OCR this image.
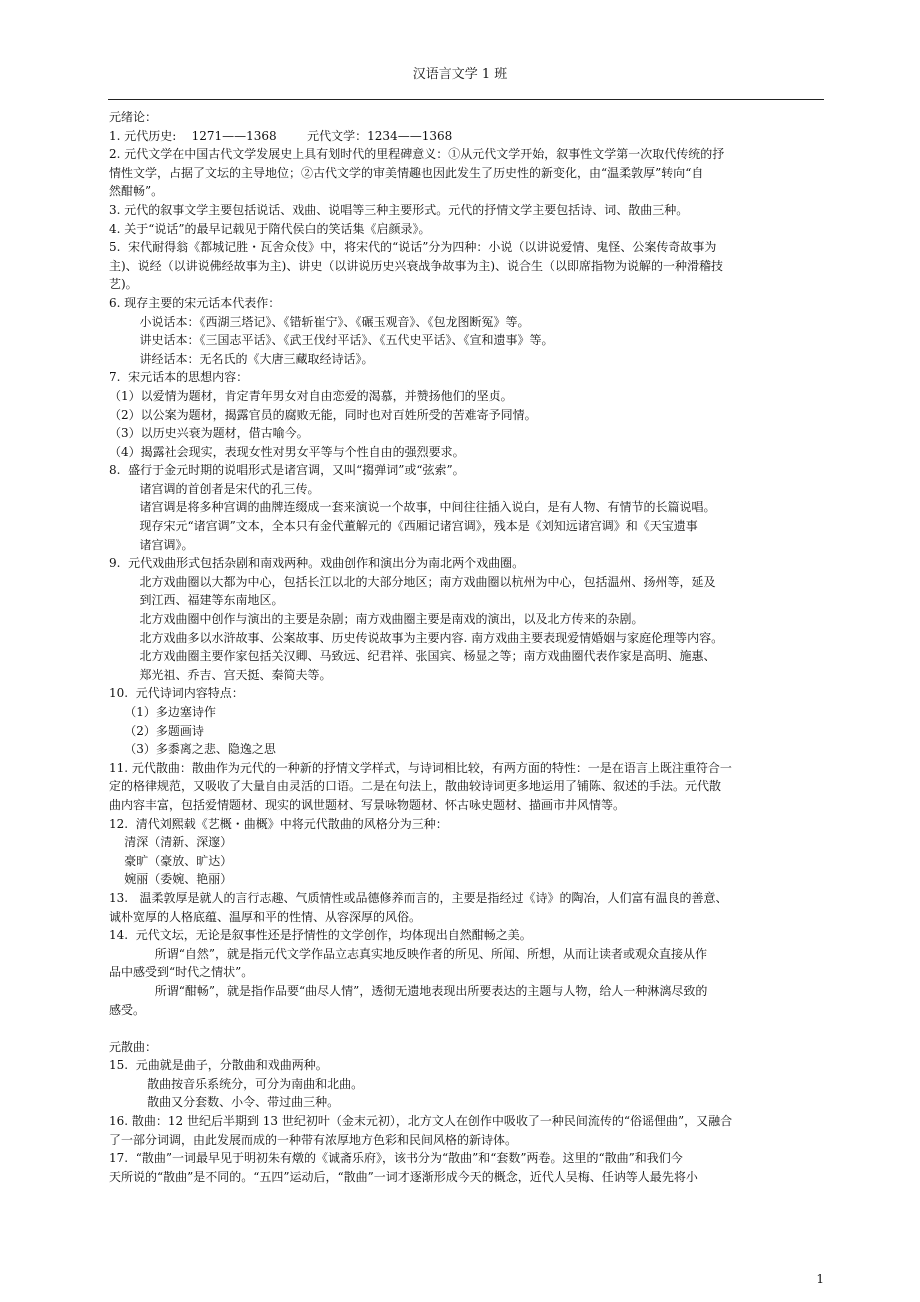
汉语言文学 1 班
元绪论：
1. 元代历史:    1271——1368        元代文学：1234——1368
2. 元代文学在中国古代文学发展史上具有划时代的里程碑意义：①从元代文学开始，叙事性文学第一次取代传统的抒
情性文学，占据了文坛的主导地位；②古代文学的审美情趣也因此发生了历史性的新变化，由“温柔敦厚”转向“自
然酣畅”。
3. 元代的叙事文学主要包括说话、戏曲、说唱等三种主要形式。元代的抒情文学主要包括诗、词、散曲三种。
4. 关于“说话”的最早记载见于隋代侯白的笑话集《启颜录》。
5.  宋代耐得翁《都城记胜・瓦舍众伎》中，将宋代的“说话”分为四种：小说（以讲说爱情、鬼怪、公案传奇故事为
主)、说经（以讲说佛经故事为主)、讲史（以讲说历史兴衰战争故事为主)、说合生（以即席指物为说解的一种滑稽技
艺)。
6. 现存主要的宋元话本代表作：
小说话本：《西湖三塔记》、《错斩崔宁》、《碾玉观音》、《包龙图断冤》等。
讲史话本：《三国志平话》、《武王伐纣平话》、《五代史平话》、《宣和遗事》等。
讲经话本：无名氏的《大唐三藏取经诗话》。
7.  宋元话本的思想内容：
（1）以爱情为题材，肯定青年男女对自由恋爱的渴慕，并赞扬他们的坚贞。
（2）以公案为题材，揭露官员的腐败无能，同时也对百姓所受的苦难寄予同情。
（3）以历史兴衰为题材，借古喻今。
（4）揭露社会现实，表现女性对男女平等与个性自由的强烈要求。
8.  盛行于金元时期的说唱形式是诸宫调，又叫“搊弹词”或“弦索”。
诸宫调的首创者是宋代的孔三传。
诸宫调是将多种宫调的曲牌连缀成一套来演说一个故事，中间往往插入说白，是有人物、有情节的长篇说唱。
现存宋元“诸宫调”文本，全本只有金代董解元的《西厢记诸宫调》，残本是《刘知远诸宫调》和《天宝遗事
诸宫调》。
9.  元代戏曲形式包括杂剧和南戏两种。戏曲创作和演出分为南北两个戏曲圈。
北方戏曲圈以大都为中心，包括长江以北的大部分地区；南方戏曲圈以杭州为中心，包括温州、扬州等，延及
到江西、福建等东南地区。
北方戏曲圈中创作与演出的主要是杂剧；南方戏曲圈主要是南戏的演出，以及北方传来的杂剧。
北方戏曲多以水浒故事、公案故事、历史传说故事为主要内容. 南方戏曲主要表现爱情婚姻与家庭伦理等内容。
北方戏曲圈主要作家包括关汉卿、马致远、纪君祥、张国宾、杨显之等；南方戏曲圈代表作家是高明、施惠、
郑光祖、乔吉、宫天挺、秦简夫等。
10.  元代诗词内容特点：
（1）多边塞诗作
（2）多题画诗
（3）多黍离之悲、隐逸之思
11. 元代散曲：散曲作为元代的一种新的抒情文学样式，与诗词相比较，有两方面的特性：一是在语言上既注重符合一
定的格律规范，又吸收了大量自由灵活的口语。二是在句法上，散曲较诗词更多地运用了铺陈、叙述的手法。元代散
曲内容丰富，包括爱情题材、现实的讽世题材、写景咏物题材、怀古咏史题材、描画市井风情等。
12.  清代刘熙载《艺概・曲概》中将元代散曲的风格分为三种：
清深（清新、深邃）
豪旷（豪放、旷达）
婉丽（委婉、艳丽）
13.   温柔敦厚是就人的言行志趣、气质情性或品德修养而言的，主要是指经过《诗》的陶冶，人们富有温良的善意、
诚朴宽厚的人格底蕴、温厚和平的性情、从容深厚的风俗。
14.  元代文坛，无论是叙事性还是抒情性的文学创作，均体现出自然酣畅之美。
所谓“自然”，就是指元代文学作品立志真实地反映作者的所见、所闻、所想，从而让读者或观众直接从作
品中感受到“时代之情状”。
所谓“酣畅”，就是指作品要“曲尽人情”，透彻无遗地表现出所要表达的主题与人物，给人一种淋漓尽致的
感受。
元散曲：
15.  元曲就是曲子，分散曲和戏曲两种。
散曲按音乐系统分，可分为南曲和北曲。
散曲又分套数、小令、带过曲三种。
16. 散曲：12 世纪后半期到 13 世纪初叶（金末元初），北方文人在创作中吸收了一种民间流传的“俗谣俚曲”，又融合
了一部分词调，由此发展而成的一种带有浓厚地方色彩和民间风格的新诗体。
17.  “散曲”一词最早见于明初朱有燉的《诚斋乐府》，该书分为“散曲”和“套数”两卷。这里的“散曲”和我们今
天所说的“散曲”是不同的。“五四”运动后，“散曲”一词才逐渐形成今天的概念，近代人吴梅、任讷等人最先将小
1
